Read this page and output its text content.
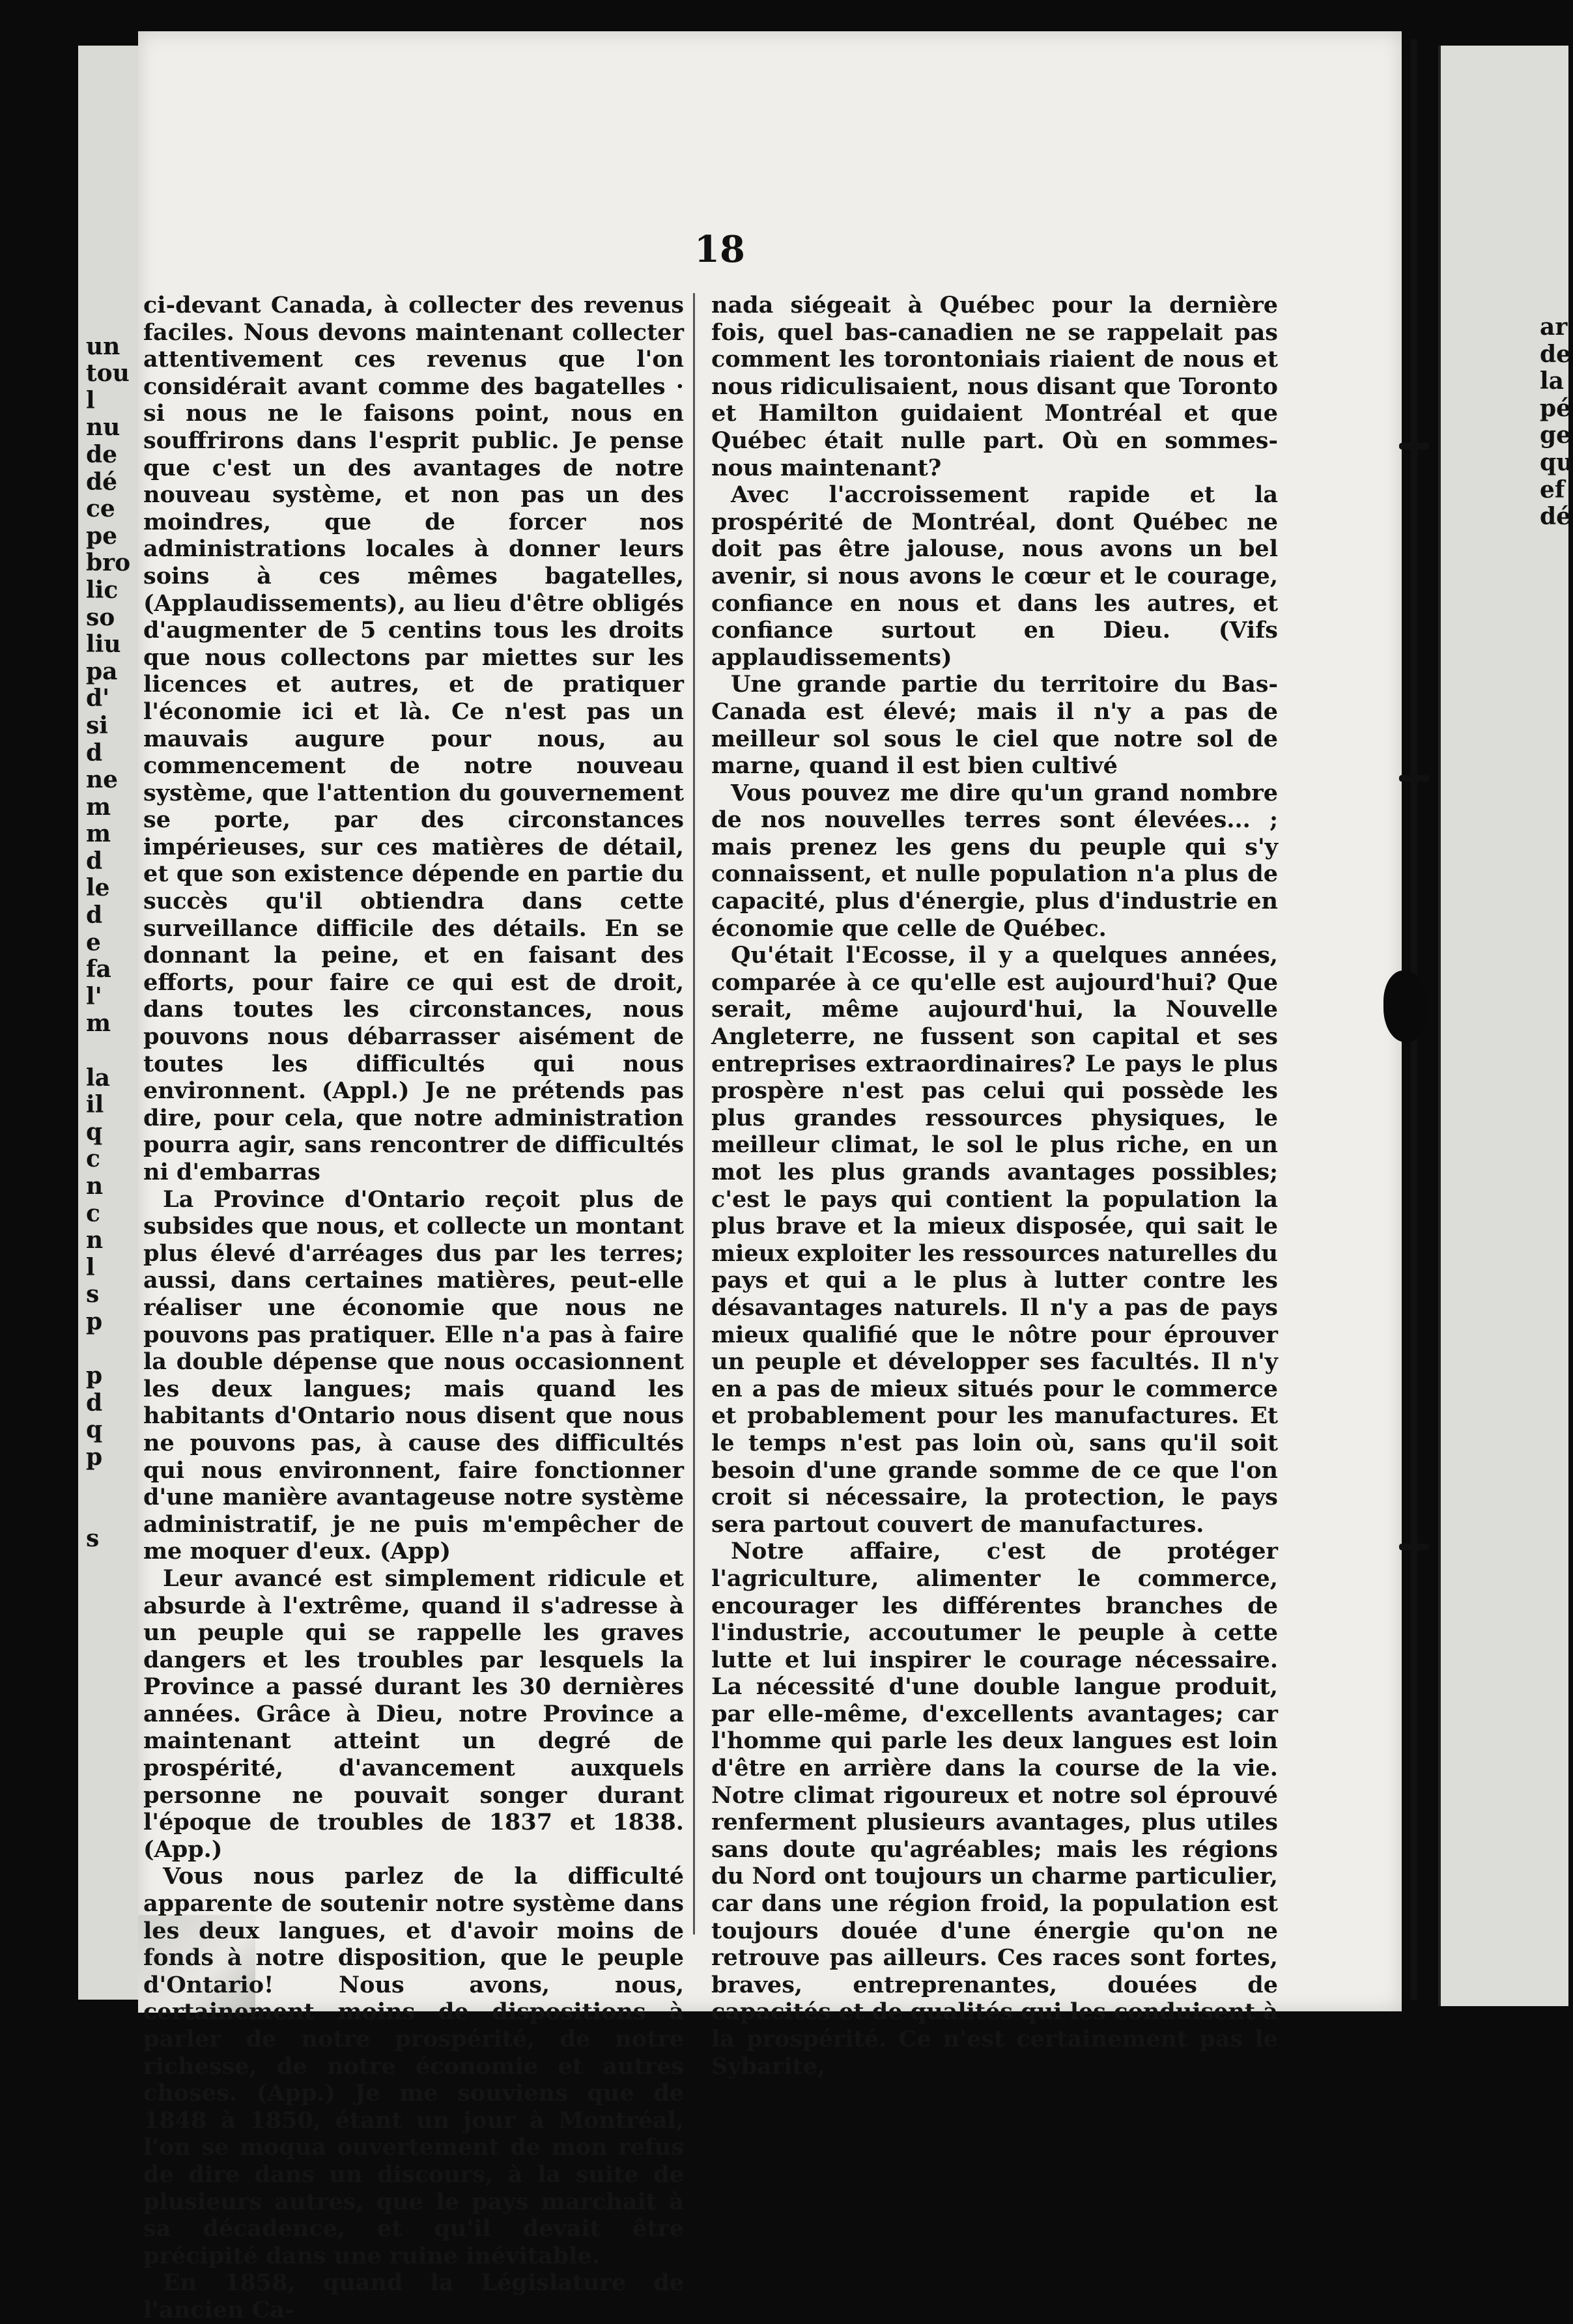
un
tou
l
nu
de
dé
ce
pe
bro
lic
so
liu
pa
d'
si
d
ne
m
m
d
le
d
e
fa
l'
m
la
il
q
c
n
c
n
l
s
p
p
d
q
p
s
ar
de
la
pé
ge
qu
ef
dé
18

ci-devant Canada, à collecter des revenus faciles. Nous devons maintenant collecter attentivement ces revenus que l'on considérait avant comme des bagatelles · si nous ne le faisons point, nous en souffrirons dans l'esprit public. Je pense que c'est un des avantages de notre nouveau système, et non pas un des moindres, que de forcer nos administrations locales à donner leurs soins à ces mêmes bagatelles, (Applaudissements), au lieu d'être obligés d'augmenter de 5 centins tous les droits que nous collectons par miettes sur les licences et autres, et de pratiquer l'économie ici et là. Ce n'est pas un mauvais augure pour nous, au commencement de notre nouveau système, que l'attention du gouvernement se porte, par des circonstances impérieuses, sur ces matières de détail, et que son existence dépende en partie du succès qu'il obtiendra dans cette surveillance difficile des détails. En se donnant la peine, et en faisant des efforts, pour faire ce qui est de droit, dans toutes les circonstances, nous pouvons nous débarrasser aisément de toutes les difficultés qui nous environnent. (Appl.) Je ne prétends pas dire, pour cela, que notre administration pourra agir, sans rencontrer de difficultés ni d'embarras

La Province d'Ontario reçoit plus de subsides que nous, et collecte un montant plus élevé d'arréages dus par les terres; aussi, dans certaines matières, peut-elle réaliser une économie que nous ne pouvons pas pratiquer. Elle n'a pas à faire la double dépense que nous occasionnent les deux langues; mais quand les habitants d'Ontario nous disent que nous ne pouvons pas, à cause des difficultés qui nous environnent, faire fonctionner d'une manière avantageuse notre système administratif, je ne puis m'empêcher de me moquer d'eux. (App)

Leur avancé est simplement ridicule et absurde à l'extrême, quand il s'adresse à un peuple qui se rappelle les graves dangers et les troubles par lesquels la Province a passé durant les 30 dernières années. Grâce à Dieu, notre Province a maintenant atteint un degré de prospérité, d'avancement auxquels personne ne pouvait songer durant l'époque de troubles de 1837 et 1838. (App.)

Vous nous parlez de la difficulté apparente de soutenir notre système dans les deux langues, et d'avoir moins de fonds à notre disposition, que le peuple d'Ontario! Nous avons, nous, certainement moins de dispositions à parler de notre prospérité, de notre richesse, de notre économie et autres choses. (App.) Je me souviens que de 1848 à 1850, étant un jour à Montréal, l'on se moqua ouvertement de mon refus de dire dans un discours, à la suite de plusieurs autres, que le pays marchait à sa décadence, et qu'il devait être précipité dans une ruine inévitable.

En 1858, quand la Législature de l'ancien Ca-

nada siégeait à Québec pour la dernière fois, quel bas-canadien ne se rappelait pas comment les torontoniais riaient de nous et nous ridiculisaient, nous disant que Toronto et Hamilton guidaient Montréal et que Québec était nulle part. Où en sommes-nous maintenant?

Avec l'accroissement rapide et la prospérité de Montréal, dont Québec ne doit pas être jalouse, nous avons un bel avenir, si nous avons le cœur et le courage, confiance en nous et dans les autres, et confiance surtout en Dieu. (Vifs applaudissements)

Une grande partie du territoire du Bas-Canada est élevé; mais il n'y a pas de meilleur sol sous le ciel que notre sol de marne, quand il est bien cultivé

Vous pouvez me dire qu'un grand nombre de nos nouvelles terres sont élevées... ; mais prenez les gens du peuple qui s'y connaissent, et nulle population n'a plus de capacité, plus d'énergie, plus d'industrie en économie que celle de Québec.

Qu'était l'Ecosse, il y a quelques années, comparée à ce qu'elle est aujourd'hui? Que serait, même aujourd'hui, la Nouvelle Angleterre, ne fussent son capital et ses entreprises extraordinaires? Le pays le plus prospère n'est pas celui qui possède les plus grandes ressources physiques, le meilleur climat, le sol le plus riche, en un mot les plus grands avantages possibles; c'est le pays qui contient la population la plus brave et la mieux disposée, qui sait le mieux exploiter les ressources naturelles du pays et qui a le plus à lutter contre les désavantages naturels. Il n'y a pas de pays mieux qualifié que le nôtre pour éprouver un peuple et développer ses facultés. Il n'y en a pas de mieux situés pour le commerce et probablement pour les manufactures. Et le temps n'est pas loin où, sans qu'il soit besoin d'une grande somme de ce que l'on croit si nécessaire, la protection, le pays sera partout couvert de manufactures.

Notre affaire, c'est de protéger l'agriculture, alimenter le commerce, encourager les différentes branches de l'industrie, accoutumer le peuple à cette lutte et lui inspirer le courage nécessaire. La nécessité d'une double langue produit, par elle-même, d'excellents avantages; car l'homme qui parle les deux langues est loin d'être en arrière dans la course de la vie. Notre climat rigoureux et notre sol éprouvé renferment plusieurs avantages, plus utiles sans doute qu'agréables; mais les régions du Nord ont toujours un charme particulier, car dans une région froid, la population est toujours douée d'une énergie qu'on ne retrouve pas ailleurs. Ces races sont fortes, braves, entreprenantes, douées de capacités et de qualités qui les conduisent à la prospérité. Ce n'est certainement pas le Sybarite,
